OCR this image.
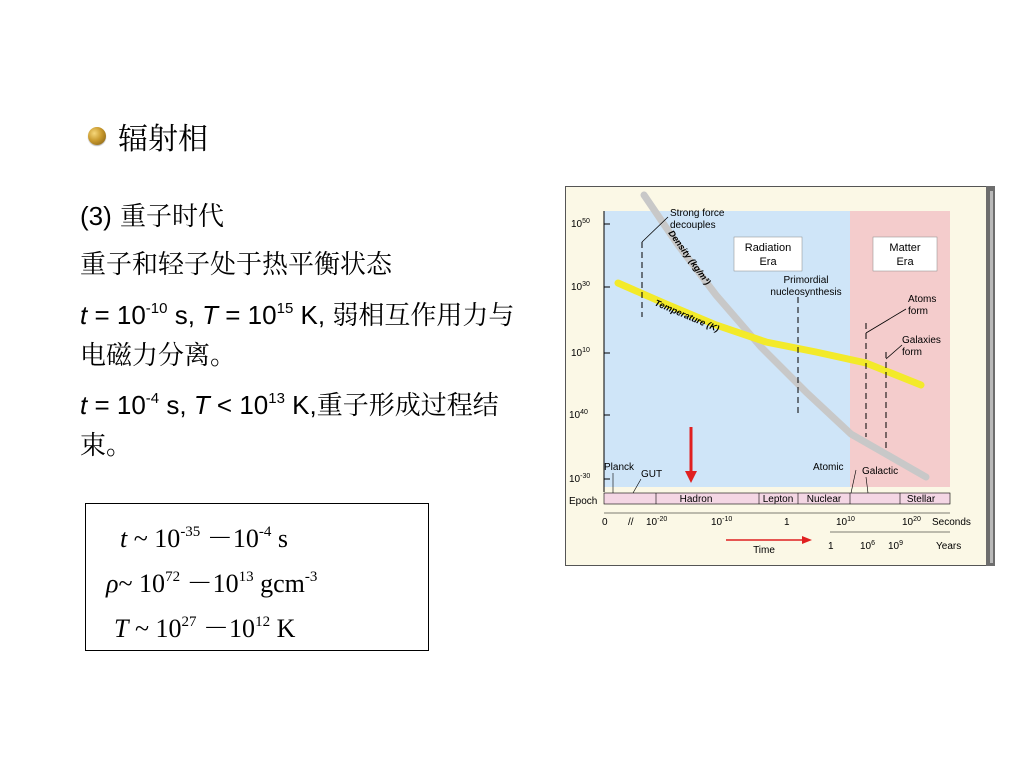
辐射相
(3) 重子时代
重子和轻子处于热平衡状态
$t = 10^{-10}$ s, $T = 10^{15}$ K, 弱相互作用力与电磁力分离。
$t = 10^{-4}$ s, $T < 10^{13}$ K,重子形成过程结束。
t ~ $10^{-35} -10^{-4}$ s
ρ~ $10^{72} -10^{13}$ gcm$^{-3}$
T ~ $10^{27} -10^{12}$ K
$10^{50}$
$10^{30}$
$10^{10}$
$10^{40}$
$10^{-30}$
Radiation
Era
Matter
Era
Density (kg/m³)
Temperature (K)
Strong force
decouples
Primordial
nucleosynthesis
Atoms
form
Galaxies
form
Planck
GUT
Atomic Galactic
Epoch	Hadron	Lepton Nuclear	Stellar
$0 // 10^{-20}$	$10^{-10}$	1	$10^{10}$	$10^{20}$ Seconds
1	$10^6$ $10^9$	Years
Time
